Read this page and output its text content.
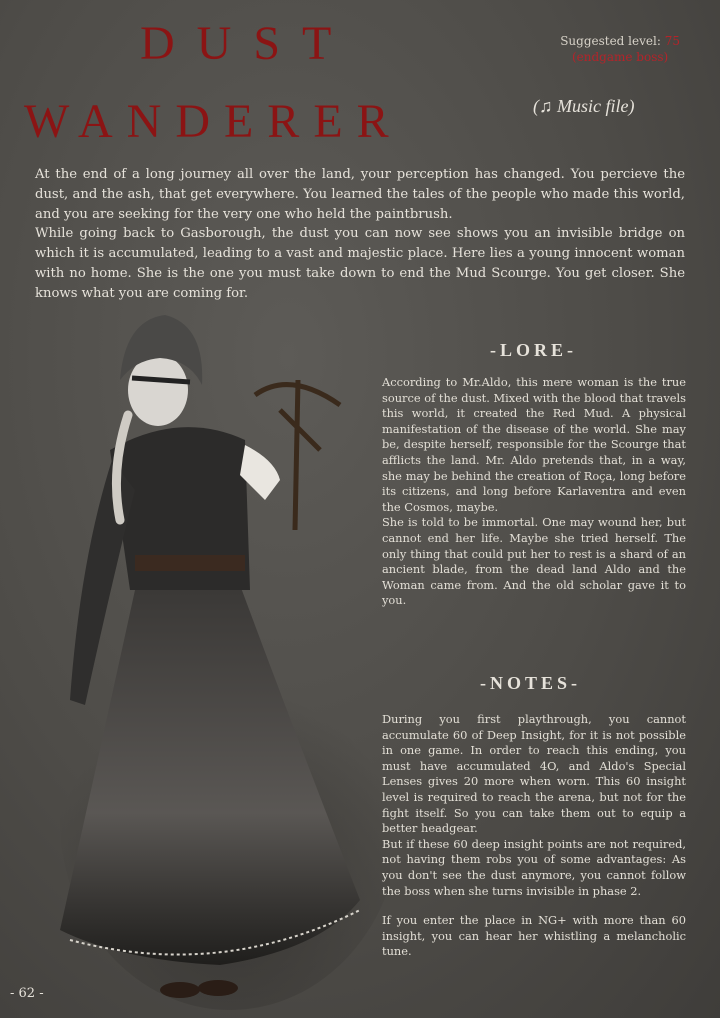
DUST
WANDERER
Suggested level: 75
(endgame boss)
(♫ Music file)

At the end of a long journey all over the land, your perception has changed. You percieve the dust, and the ash, that get everywhere. You learned the tales of the people who made this world, and you are seeking for the very one who held the paintbrush.

While going back to Gasborough, the dust you can now see shows you an invisible bridge on which it is accumulated, leading to a vast and majestic place. Here lies a young innocent woman with no home. She is the one you must take down to end the Mud Scourge. You get closer. She knows what you are coming for.

-LORE-

According to Mr.Aldo, this mere woman is the true source of the dust. Mixed with the blood that travels this world, it created the Red Mud. A physical manifestation of the disease of the world. She may be, despite herself, responsible for the Scourge that afflicts the land. Mr. Aldo pretends that, in a way, she may be behind the creation of Roça, long before its citizens, and long before Karlaventra and even the Cosmos, maybe.

She is told to be immortal. One may wound her, but cannot end her life. Maybe she tried herself. The only thing that could put her to rest is a shard of an ancient blade, from the dead land Aldo and the Woman came from. And the old scholar gave it to you.

-NOTES-

During you first playthrough, you cannot accumulate 60 of Deep Insight, for it is not possible in one game. In order to reach this ending, you must have accumulated 4O, and Aldo's Special Lenses gives 20 more when worn. This 60 insight level is required to reach the arena, but not for the fight itself. So you can take them out to equip a better headgear.

But if these 60 deep insight points are not required, not having them robs you of some advantages: As you don't see the dust anymore, you cannot follow the boss when she turns invisible in phase 2.

If you enter the place in NG+ with more than 60 insight, you can hear her whistling a melancholic tune.

- 62 -
